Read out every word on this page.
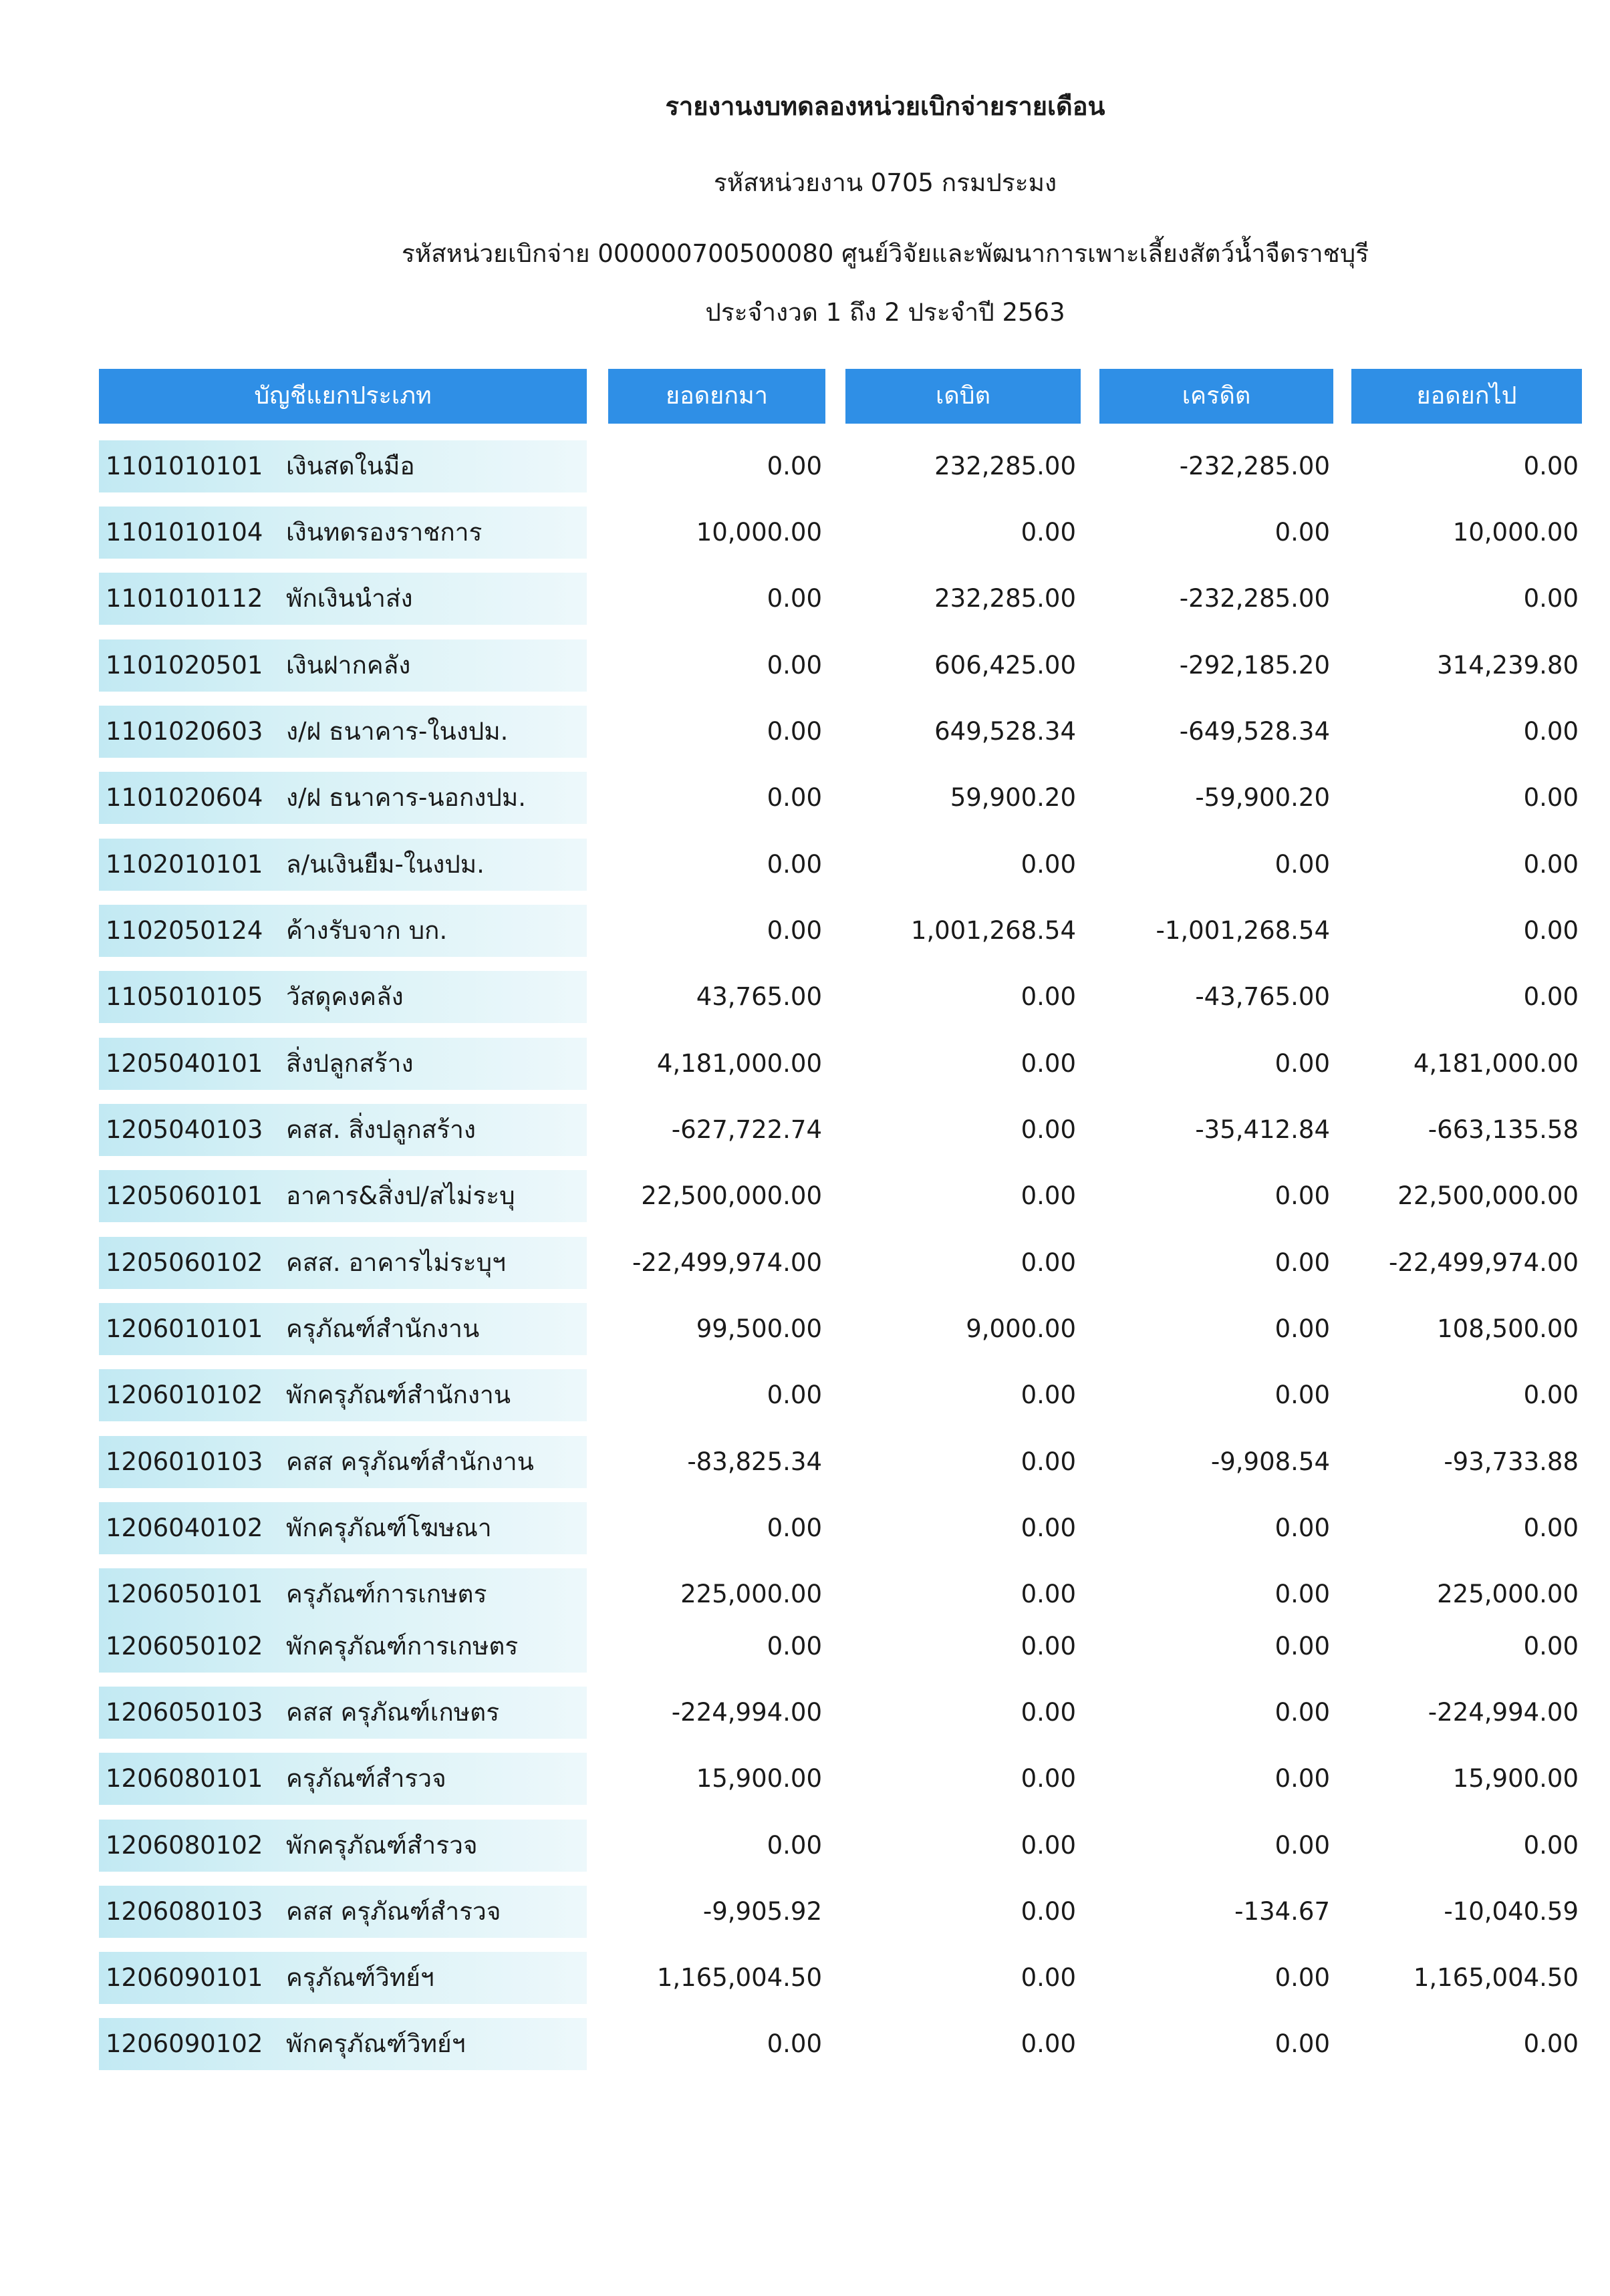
รายงานงบทดลองหน่วยเบิกจ่ายรายเดือน
รหัสหน่วยงาน 0705 กรมประมง
รหัสหน่วยเบิกจ่าย 000000700500080 ศูนย์วิจัยและพัฒนาการเพาะเลี้ยงสัตว์น้ำจืดราชบุรี
ประจำงวด 1 ถึง 2 ประจำปี 2563
บัญชีแยกประเภท	ยอดยกมา	เดบิต	เครดิต	ยอดยกไป
1101010101 เงินสดในมือ	0.00	232,285.00	-232,285.00	0.00
1101010104 เงินทดรองราชการ	10,000.00	0.00	0.00	10,000.00
1101010112 พักเงินนำส่ง	0.00	232,285.00	-232,285.00	0.00
1101020501 เงินฝากคลัง	0.00	606,425.00	-292,185.20	314,239.80
1101020603 ง/ฝ ธนาคาร-ในงปม.	0.00	649,528.34	-649,528.34	0.00
1101020604 ง/ฝ ธนาคาร-นอกงปม.	0.00	59,900.20	-59,900.20	0.00
1102010101 ล/นเงินยืม-ในงปม.	0.00	0.00	0.00	0.00
1102050124 ค้างรับจาก บก.	0.00	1,001,268.54	-1,001,268.54	0.00
1105010105 วัสดุคงคลัง	43,765.00	0.00	-43,765.00	0.00
1205040101 สิ่งปลูกสร้าง	4,181,000.00	0.00	0.00	4,181,000.00
1205040103 คสส. สิ่งปลูกสร้าง	-627,722.74	0.00	-35,412.84	-663,135.58
1205060101 อาคาร&สิ่งป/สไม่ระบุ	22,500,000.00	0.00	0.00	22,500,000.00
1205060102 คสส. อาคารไม่ระบุฯ	-22,499,974.00	0.00	0.00	-22,499,974.00
1206010101 ครุภัณฑ์สำนักงาน	99,500.00	9,000.00	0.00	108,500.00
1206010102 พักครุภัณฑ์สำนักงาน	0.00	0.00	0.00	0.00
1206010103 คสส ครุภัณฑ์สำนักงาน	-83,825.34	0.00	-9,908.54	-93,733.88
1206040102 พักครุภัณฑ์โฆษณา	0.00	0.00	0.00	0.00
1206050101 ครุภัณฑ์การเกษตร	225,000.00	0.00	0.00	225,000.00
1206050102 พักครุภัณฑ์การเกษตร	0.00	0.00	0.00	0.00
1206050103 คสส ครุภัณฑ์เกษตร	-224,994.00	0.00	0.00	-224,994.00
1206080101 ครุภัณฑ์สำรวจ	15,900.00	0.00	0.00	15,900.00
1206080102 พักครุภัณฑ์สำรวจ	0.00	0.00	0.00	0.00
1206080103 คสส ครุภัณฑ์สำรวจ	-9,905.92	0.00	-134.67	-10,040.59
1206090101 ครุภัณฑ์วิทย์ฯ	1,165,004.50	0.00	0.00	1,165,004.50
1206090102 พักครุภัณฑ์วิทย์ฯ	0.00	0.00	0.00	0.00
